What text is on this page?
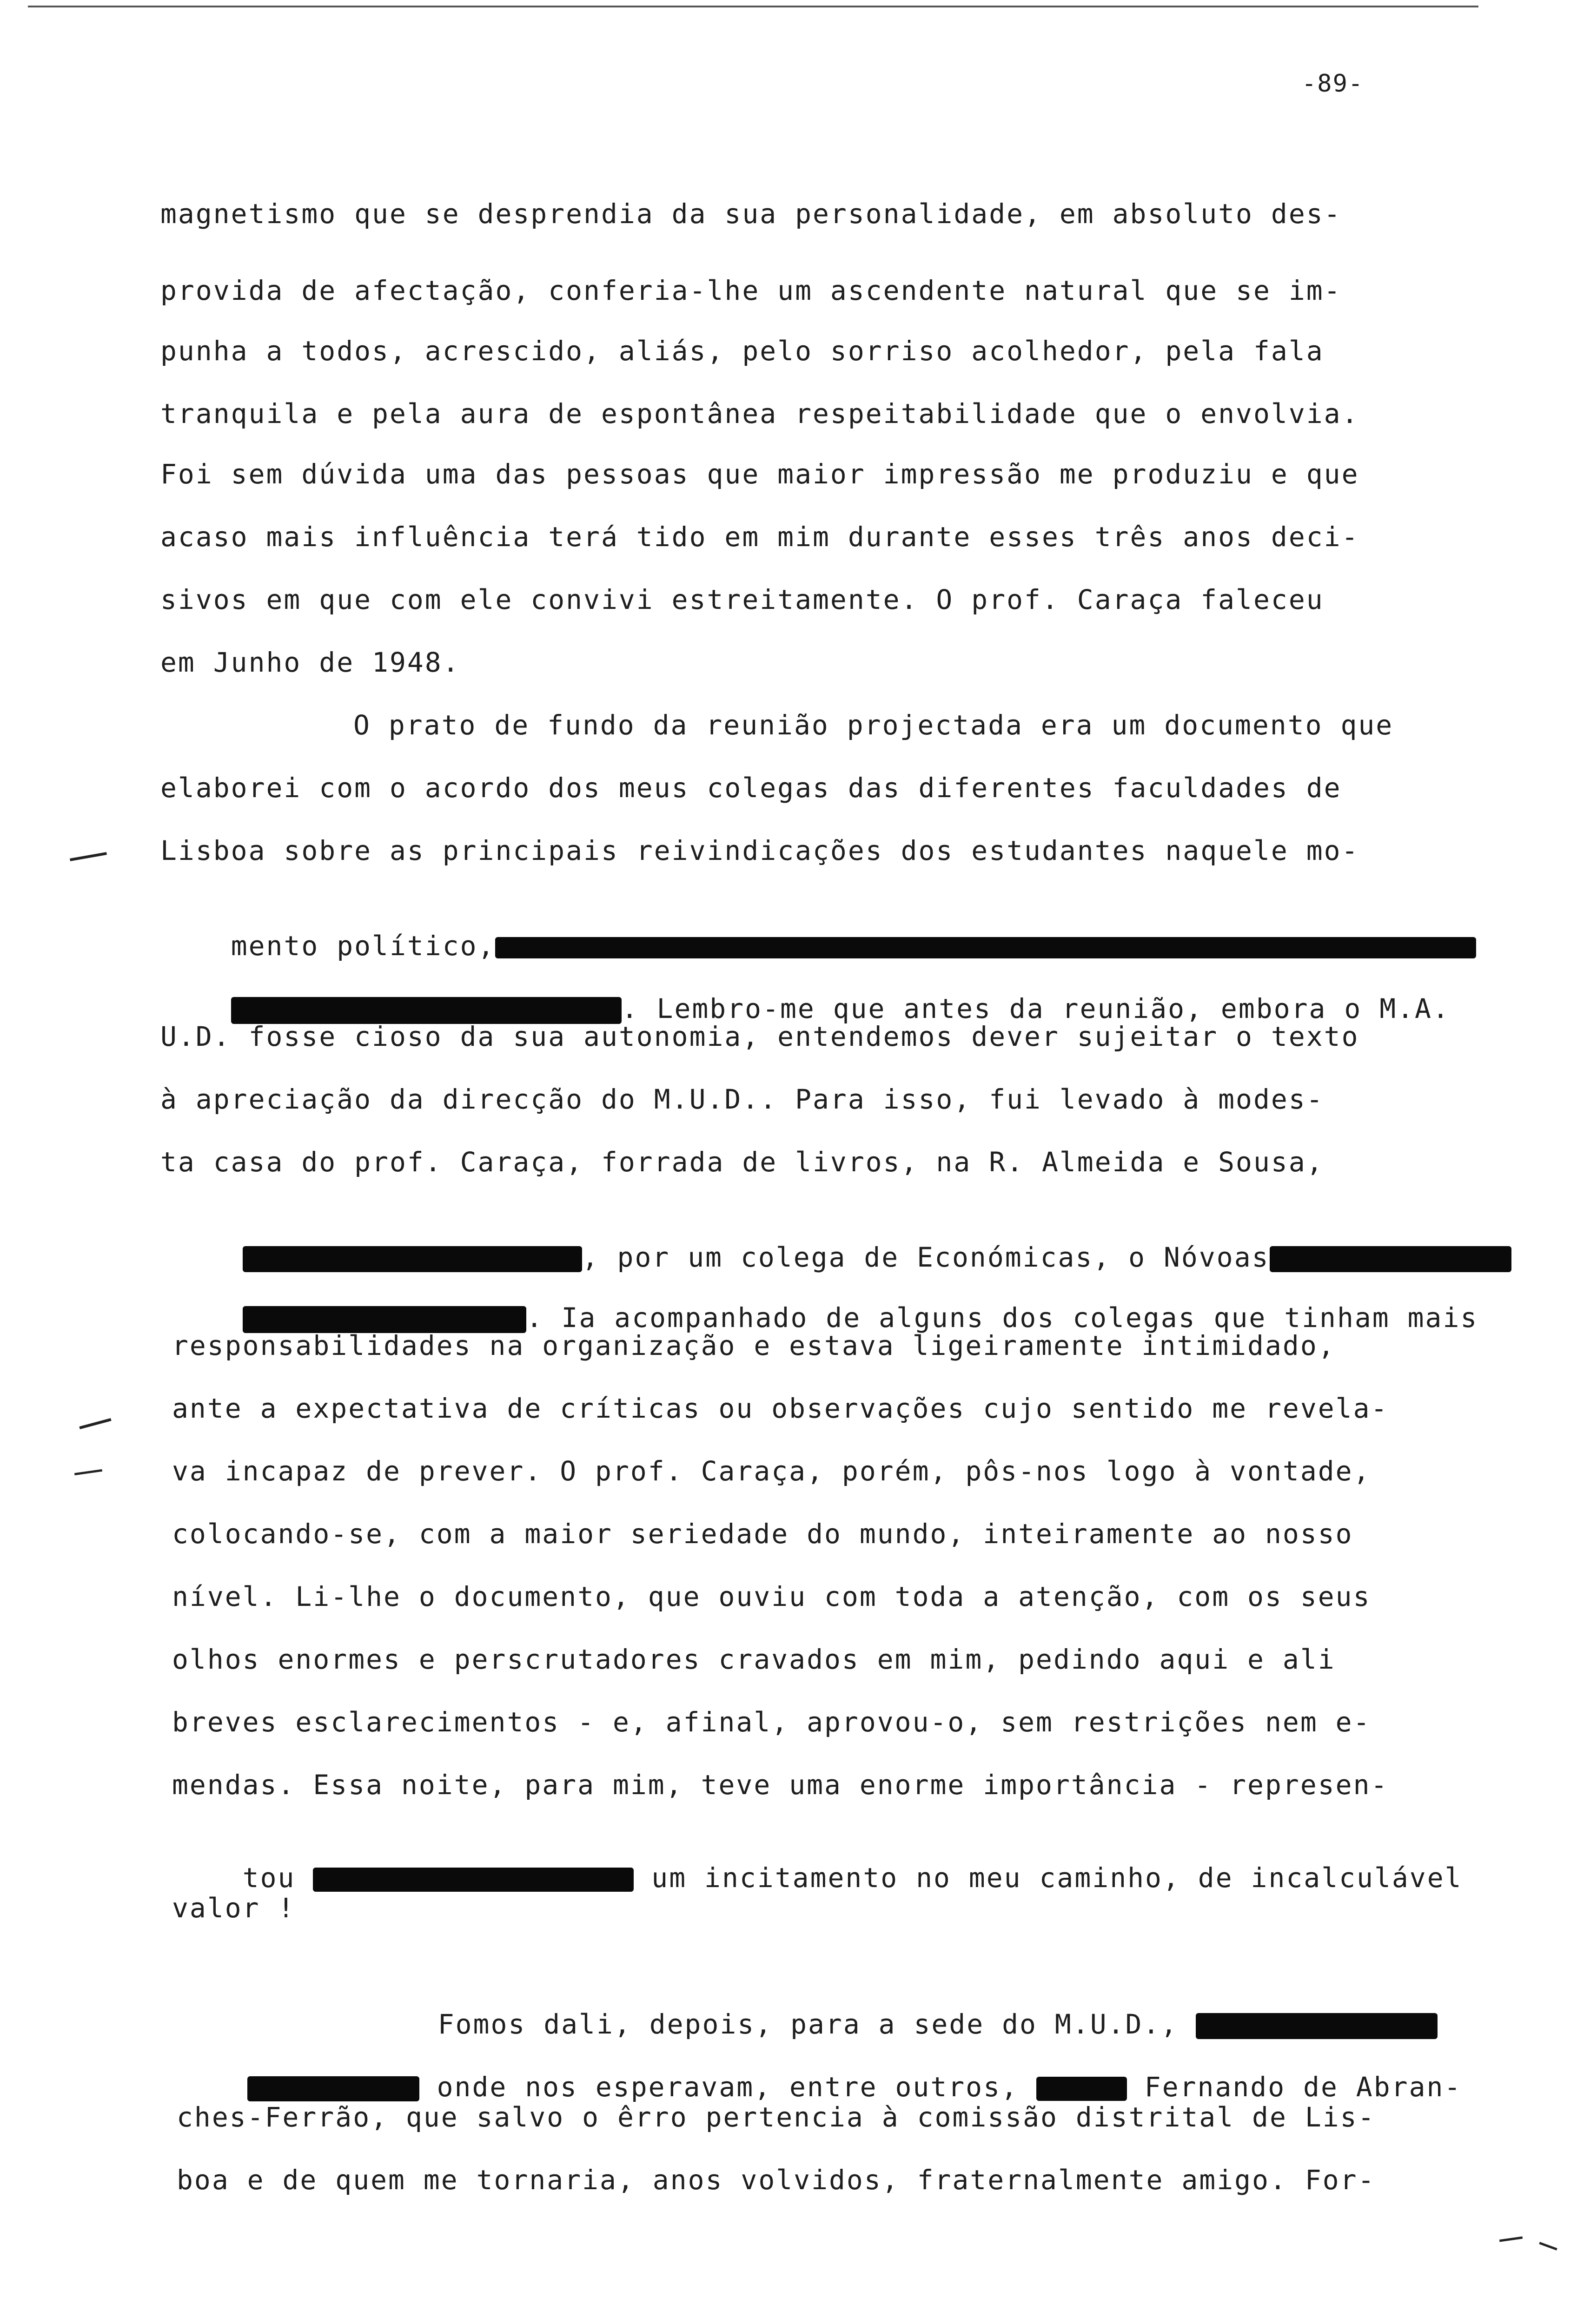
-89-
magnetismo que se desprendia da sua personalidade, em absoluto des-
provida de afectação, conferia-lhe um ascendente natural que se im-
punha a todos, acrescido, aliás, pelo sorriso acolhedor, pela fala
tranquila e pela aura de espontânea respeitabilidade que o envolvia.
Foi sem dúvida uma das pessoas que maior impressão me produziu e que
acaso mais influência terá tido em mim durante esses três anos deci-
sivos em que com ele convivi estreitamente. O prof. Caraça faleceu
em Junho de 1948.
O prato de fundo da reunião projectada era um documento que
elaborei com o acordo dos meus colegas das diferentes faculdades de
Lisboa sobre as principais reivindicações dos estudantes naquele mo-

mento político,

. Lembro-me que antes da reunião, embora o M.A.

U.D. fosse cioso da sua autonomia, entendemos dever sujeitar o texto
à apreciação da direcção do M.U.D.. Para isso, fui levado à modes-
ta casa do prof. Caraça, forrada de livros, na R. Almeida e Sousa,

, por um colega de Económicas, o Nóvoas

. Ia acompanhado de alguns dos colegas que tinham mais

responsabilidades na organização e estava ligeiramente intimidado,
ante a expectativa de críticas ou observações cujo sentido me revela-
va incapaz de prever. O prof. Caraça, porém, pôs-nos logo à vontade,
colocando-se, com a maior seriedade do mundo, inteiramente ao nosso
nível. Li-lhe o documento, que ouviu com toda a atenção, com os seus
olhos enormes e perscrutadores cravados em mim, pedindo aqui e ali
breves esclarecimentos - e, afinal, aprovou-o, sem restrições nem e-
mendas. Essa noite, para mim, teve uma enorme importância - represen-

tou	um incitamento no meu caminho, de incalculável

valor !

Fomos dali, depois, para a sede do M.U.D.,

onde nos esperavam, entre outros,	Fernando de Abran-

ches-Ferrão, que salvo o êrro pertencia à comissão distrital de Lis-
boa e de quem me tornaria, anos volvidos, fraternalmente amigo. For-
